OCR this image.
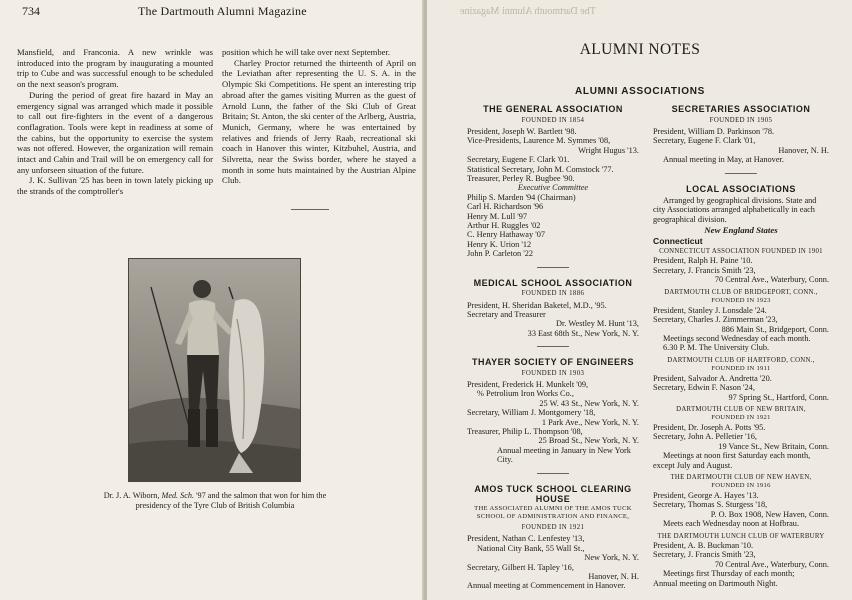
734	The Dartmouth Alumni Magazine

Mansfield, and Franconia. A new wrinkle was introduced into the program by inaugurating a mounted trip to Cube and was successful enough to be scheduled on the next season's program.

During the period of great fire hazard in May an emergency signal was arranged which made it possible to call out fire-fighters in the event of a dangerous conflagration. Tools were kept in readiness at some of the cabins, but the opportunity to exercise the system was not offered. However, the organization will remain intact and Cabin and Trail will be on emergency call for any unforseen situation of the future.

J. K. Sullivan '25 has been in town lately picking up the strands of the comptroller's

position which he will take over next September.

Charley Proctor returned the thirteenth of April on the Leviathan after representing the U. S. A. in the Olympic Ski Competitions. He spent an interesting trip abroad after the games visiting Murren as the guest of Arnold Lunn, the father of the Ski Club of Great Britain; St. Anton, the ski center of the Arlberg, Austria, Munich, Germany, where he was entertained by relatives and friends of Jerry Raab, recreational ski coach in Hanover this winter, Kitzbuhel, Austria, and Silvretta, near the Swiss border, where he stayed a month in some huts maintained by the Austrian Alpine Club.

Dr. J. A. Wiborn, Med. Sch. '97 and the salmon that won for him the presidency of the Tyre Club of British Columbia
The Dartmouth Alumni Magazine
ALUMNI NOTES
ALUMNI ASSOCIATIONS
THE GENERAL ASSOCIATION
FOUNDED IN 1854
President, Joseph W. Bartlett '98.
Vice-Presidents, Laurence M. Symmes '08,
Wright Hugus '13.
Secretary, Eugene F. Clark '01.
Statistical Secretary, John M. Comstock '77.
Treasurer, Perley R. Bugbee '90.
Executive Committee
Philip S. Marden '94 (Chairman)
Carl H. Richardson '96
Henry M. Lull '97
Arthur H. Ruggles '02
C. Henry Hathaway '07
Henry K. Urion '12
John P. Carleton '22
MEDICAL SCHOOL ASSOCIATION
FOUNDED IN 1886
President, H. Sheridan Baketel, M.D., '95.
Secretary and Treasurer
Dr. Westley M. Hunt '13,
33 East 68th St., New York, N. Y.
THAYER SOCIETY OF ENGINEERS
FOUNDED IN 1903
President, Frederick H. Munkelt '09,
% Petrolium Iron Works Co.,
25 W. 43 St., New York, N. Y.
Secretary, William J. Montgomery '18,
1 Park Ave., New York, N. Y.
Treasurer, Philip L. Thompson '08,
25 Broad St., New York, N. Y.
Annual meeting in January in New York City.
AMOS TUCK SCHOOL CLEARING
HOUSE
THE ASSOCIATED ALUMNI OF THE AMOS TUCK
SCHOOL OF ADMINISTRATION AND FINANCE,
FOUNDED IN 1921
President, Nathan C. Lenfestey '13,
National City Bank, 55 Wall St.,
New York, N. Y.
Secretary, Gilbert H. Tapley '16,
Hanover, N. H.
Annual meeting at Commencement in Hanover.
SECRETARIES ASSOCIATION
FOUNDED IN 1905
President, William D. Parkinson '78.
Secretary, Eugene F. Clark '01,
Hanover, N. H.
Annual meeting in May, at Hanover.
LOCAL ASSOCIATIONS
Arranged by geographical divisions. State and city Associations arranged alphabetically in each geographical division.
New England States
Connecticut
CONNECTICUT ASSOCIATION FOUNDED IN 1901
President, Ralph H. Paine '10.
Secretary, J. Francis Smith '23,
70 Central Ave., Waterbury, Conn.
DARTMOUTH CLUB OF BRIDGEPORT, CONN.,
FOUNDED IN 1923
President, Stanley J. Lonsdale '24.
Secretary, Charles J. Zimmerman '23,
886 Main St., Bridgeport, Conn.
Meetings second Wednesday of each month.
6.30 P. M. The University Club.
DARTMOUTH CLUB OF HARTFORD, CONN.,
FOUNDED IN 1911
President, Salvador A. Andretta '20.
Secretary, Edwin F. Nason '24,
97 Spring St., Hartford, Conn.
DARTMOUTH CLUB OF NEW BRITAIN,
FOUNDED IN 1921
President, Dr. Joseph A. Potts '95.
Secretary, John A. Pelletier '16,
19 Vance St., New Britain, Conn.
Meetings at noon first Saturday each month, except July and August.
THE DARTMOUTH CLUB OF NEW HAVEN,
FOUNDED IN 1916
President, George A. Hayes '13.
Secretary, Thomas S. Sturgess '18,
P. O. Box 1908, New Haven, Conn.
Meets each Wednesday noon at Hofbrau.
THE DARTMOUTH LUNCH CLUB OF WATERBURY
President, A. B. Buckman '10.
Secretary, J. Francis Smith '23,
70 Central Ave., Waterbury, Conn.
Meetings first Thursday of each month;
Annual meeting on Dartmouth Night.
